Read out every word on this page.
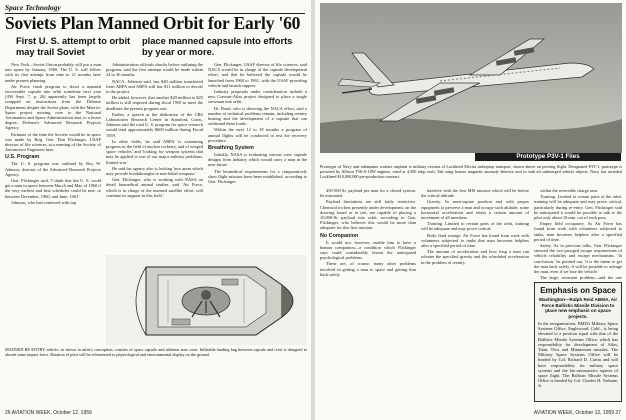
Space Technology
Soviets Plan Manned Orbit for Early '60
First U. S. attempt to orbit may trail Soviet
place manned capsule into efforts by year or more.

New York—Soviet Union probably will put a man into space by January, 1960. The U. S. will follow with its first attempt from nine to 21 months later under present planning.

Air Force crash program to shoot a manned recoverable capsule into orbit sometime next year (AW Sept. 7, p. 26) apparently has been largely scrapped on instructions from the Defense Department despite the Soviet plans, with the Man-in-Space project moving over to the National Aeronautics and Space Administration and, to a lesser degree, Defense's Advanced Research Projects Agency.

Estimate of the time the Soviets would be in space was made by Brig. Gen. Don Flickinger, USAF director of life sciences, at a meeting of the Society of Automotive Engineers here.

U.S. Program

The U. S. program was outlined by Roy W. Johnson, director of the Advanced Research Projects Agency.

Gen. Flickinger said, 'I think that the U. S. could get a man in space between March and May of 1960 if the very earliest and best schedules could be met, or between December, 1960, and June, 1961.'

Johnson, who had conferred with top

Administration officials shortly before outlining the program, said the first attempt would be made within 24 to 36 months.

NACA, Johnson said, has $40 million transferred from ARPA and ARPA still has $11 million to devote to the project.

He added, however, that another $20 million to $25 million is still required during fiscal 1959 to meet the deadlines the present program sets.

Earlier, a speech at the dedication of the CBS Laboratories Research Center in Stamford, Conn., Johnson said the total U. S. program for space research would total approximately $600 million during Fiscal 1959.

In other fields, he said ARPA 'is examining progress in the field of nuclear rocketry, and of winged space vehicles' and 'looking for weapon systems that may be applied to one of our major military problems, limited war.'

He said his agency also is looking 'into areas which may provide breakthroughs in non-lethal weapons.'

Gen. Flickinger, who is working with NASA on detail biomedical animal studies, said 'Air Force, which is in charge of the manned satellite effort, will continue its support in this field.'

Gen. Flickinger, USAF director of life sciences, said NACA would be in charge of the capsule development effort, and that he believed the capsule would be launched from 1960 to 1961, with the USAF providing vehicle and launch support.

Industry proposals under consideration include a new Convair-Atlas project designed to place a single crewman into orbit.

Dr. Bond, who is directing the NACA effort, said a number of technical problems remain, including reentry heating and the development of a capsule that can withstand these loads.

Within the next 12 to 18 months a program of animal flights will be conducted to test the recovery procedure.

Breathing System

Initially, NASA is evaluating various crew capsule designs from industry which would carry a man in the near future.

The biomedical requirements for a comparatively short flight mission have been established, according to Gen. Flickinger.

MANNED RE-ENTRY vehicle, as shown in artist's conception, consists of space capsule and ablation nose cone. Inflatable landing bag between capsule and crest is designed to absorb some impact force. Rotation of pilot will be telemetered to physiological and environmental display on the ground.
26 AVIATION WEEK, October 12, 1959
Prototype P3V-1 Flies
Prototype of Navy anti-submarine warfare airplane is military version of Lockheed Electra turboprop transport, shown above on proving flight. Designated P3V-1, prototype is powered by Allison T56-A-10W engines, rated at 4,500 eshp each. Tail sting houses magnetic anomaly detector unit in stub aft submerged vehicle objects. Navy has awarded Lockheed $10,000,000 pre-production contract.

450-500 lb. payload per man for a closed system, he estimated.

Payload limitations are still fairly restrictive. Chemical rockets presently under development, on the drawing board or in test, are capable of placing a 10,000-lb. payload into orbit, according to Gen. Flickinger, who believes this would be more than adequate for this first mission.

No Companion

It would not, however, enable him to have a human companion—a condition which Flickinger says could considerably lessen the anticipated psychological problems.

These are, of course, many other problems involved in getting a man to space and getting him back safely.

interfere with the first MIS mission which will be before the critical altitude.

Gravity. In semi-supine position and with proper equipment to preserve a man and occupy such altitude, some horizontal acceleration and retain a certain amount of movement of all members.

Training. Limited to certain parts of the orbit, training will be adequate and may prove critical.

Body fluid storage. Air Force has found from work with volunteers subjected to tanks that man becomes helpless after a specified period of time.

The amount of acceleration and how long a man can tolerate the specified gravity and the scheduled acceleration in the problem of reentry.

within the reversible charge area.

Training. Limited to certain parts of the orbit, training will be adequate and may prove critical, particularly during re-entry. Gen. Flickinger said he anticipated it would be possible to talk to the pilot only about 10 min. out of each pass.

Empty field occupancy. As Air Force has found from work with volunteers subjected to tanks, man becomes helpless after a specified period of time.

Safety. As in previous talks, Gen. Flickinger stressed the two-pronged escape requirements of vehicle reliability and escape mechanisms. 'In conclusion,' he pointed out, 'it is the intent to get the man back safely. It will be possible to salvage the man, even if we lose the vehicle.'

The large, recurrent problem—and the one

Emphasis on Space
Washington—Ralph Reid ABMA, Air Force Ballistic Missile Division to place new emphasis on space projects.
In the reorganization, BMD's Military Space Systems Office, Englewood, Calif., is being elevated to a position equal with that of the Ballistic Missile Systems Office, which has responsibility for development of Atlas, Titan, Thor and Minuteman missiles. The Military Space Systems Office will be headed by Col. Richard D. Curtin and will have responsibility for military space systems and the bio-astronautics aspects of space flight. The Ballistic Missile Systems Office is headed by Col. Charles H. Terhune, Jr.
AVIATION WEEK, October 12, 1959 27
